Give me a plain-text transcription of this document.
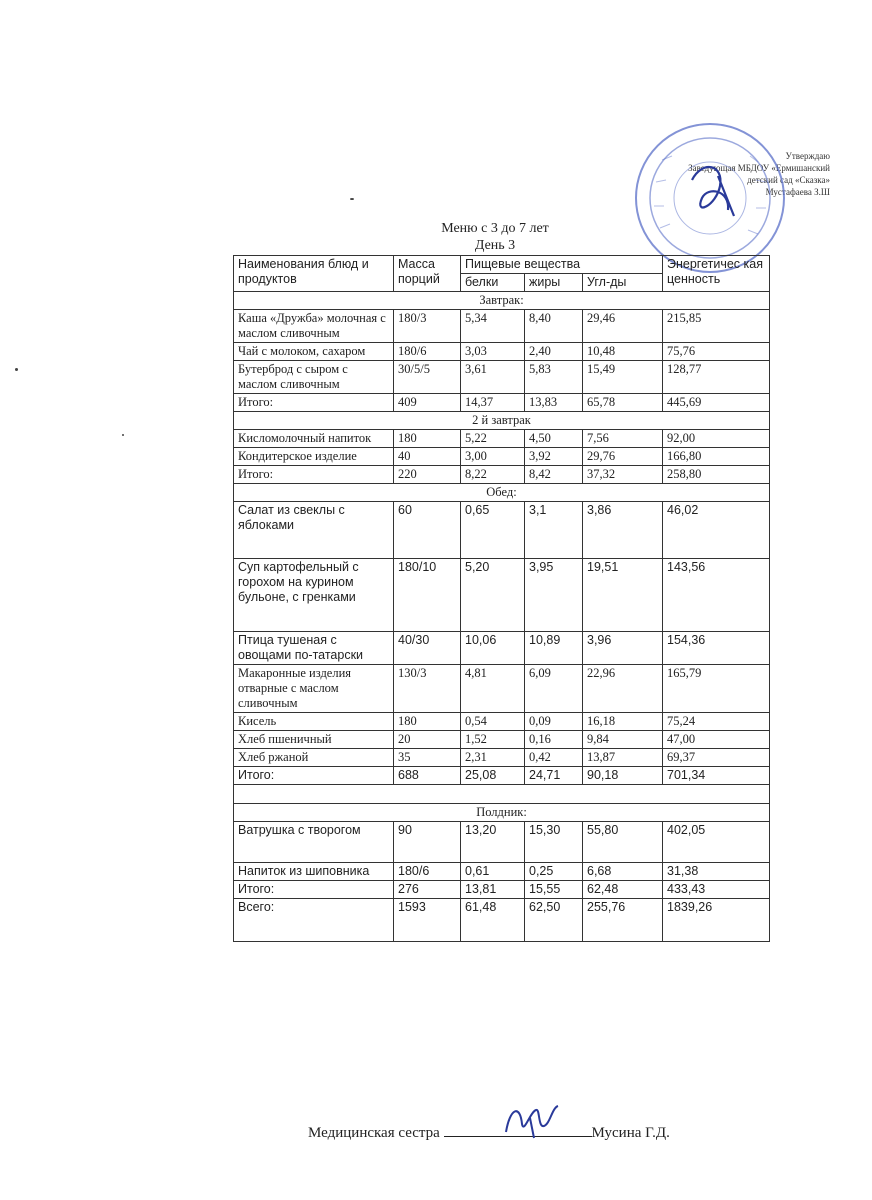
Утверждаю
Заведующая МБДОУ «Ермишанский
детский сад «Сказка»
Мустафаева З.Ш
Меню с 3 до 7 лет
День 3
Наименования блюд и продуктов	Масса порций	Пищевые вещества			Энергетичес кая ценность
		белки	жиры	Угл-ды	
Завтрак:					
Каша «Дружба» молочная с маслом сливочным	180/3	5,34	8,40	29,46	215,85
Чай с молоком, сахаром	180/6	3,03	2,40	10,48	75,76
Бутерброд с сыром с маслом сливочным	30/5/5	3,61	5,83	15,49	128,77
Итого:	409	14,37	13,83	65,78	445,69
2 й завтрак					
Кисломолочный напиток	180	5,22	4,50	7,56	92,00
Кондитерское изделие	40	3,00	3,92	29,76	166,80
Итого:	220	8,22	8,42	37,32	258,80
Обед:					
Салат из свеклы с яблоками	60	0,65	3,1	3,86	46,02
Суп картофельный с горохом на курином бульоне, с гренками	180/10	5,20	3,95	19,51	143,56
Птица тушеная с овощами по-татарски	40/30	10,06	10,89	3,96	154,36
Макаронные изделия отварные с маслом сливочным	130/3	4,81	6,09	22,96	165,79
Кисель	180	0,54	0,09	16,18	75,24
Хлеб пшеничный	20	1,52	0,16	9,84	47,00
Хлеб ржаной	35	2,31	0,42	13,87	69,37
Итого:	688	25,08	24,71	90,18	701,34

Полдник:					
Ватрушка с творогом	90	13,20	15,30	55,80	402,05
Напиток из шиповника	180/6	0,61	0,25	6,68	31,38
Итого:	276	13,81	15,55	62,48	433,43
Всего:	1593	61,48	62,50	255,76	1839,26
Медицинская сестра	Мусина Г.Д.
